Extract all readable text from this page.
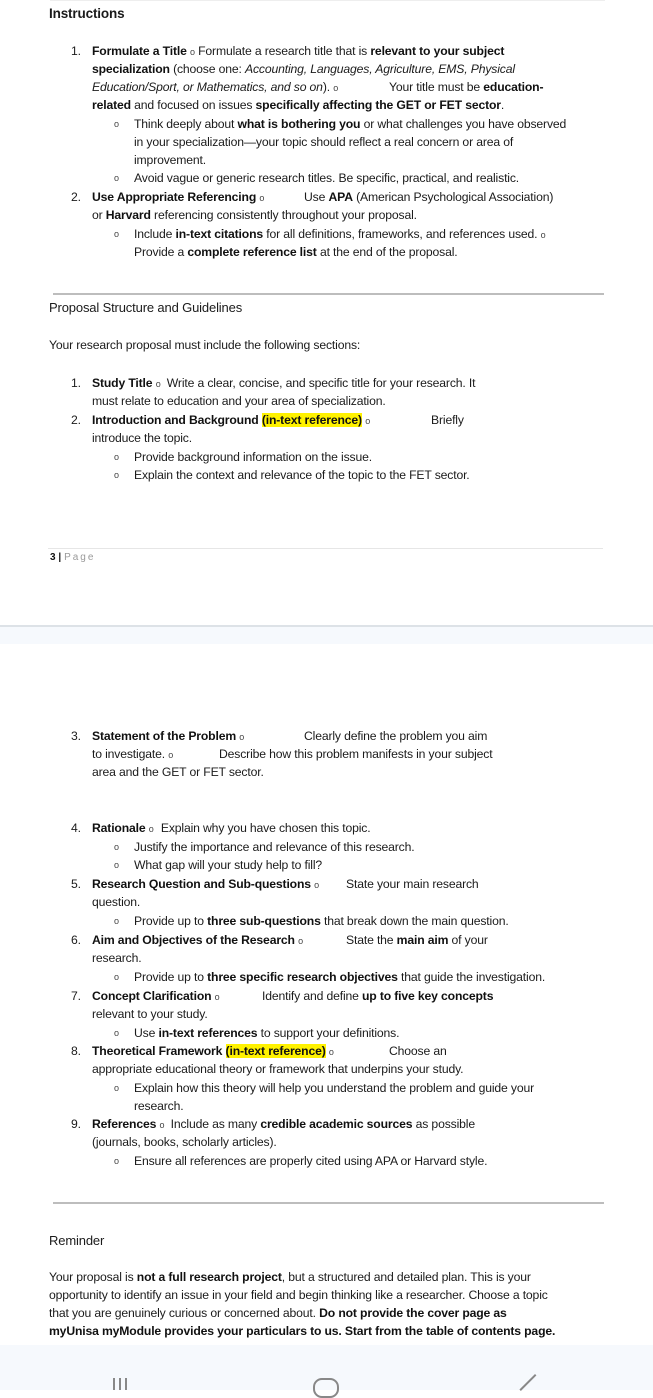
Instructions
1. Formulate a Title o Formulate a research title that is relevant to your subject
specialization (choose one: Accounting, Languages, Agriculture, EMS, Physical
Education/Sport, or Mathematics, and so on). o	Your title must be education-
related and focused on issues specifically affecting the GET or FET sector.
o Think deeply about what is bothering you or what challenges you have observed
in your specialization—your topic should reflect a real concern or area of
improvement.
o Avoid vague or generic research titles. Be specific, practical, and realistic.
2. Use Appropriate Referencing o	Use APA (American Psychological Association)
or Harvard referencing consistently throughout your proposal.
o Include in-text citations for all definitions, frameworks, and references used. o
Provide a complete reference list at the end of the proposal.
Proposal Structure and Guidelines
Your research proposal must include the following sections:
1. Study Title o Write a clear, concise, and specific title for your research. It
must relate to education and your area of specialization.
2. Introduction and Background (in-text reference) o	Briefly
introduce the topic.
o Provide background information on the issue.
o Explain the context and relevance of the topic to the FET sector.
3 | Page
3. Statement of the Problem o	Clearly define the problem you aim
to investigate. o	Describe how this problem manifests in your subject
area and the GET or FET sector.
4. Rationale o Explain why you have chosen this topic.
o Justify the importance and relevance of this research.
o What gap will your study help to fill?
5. Research Question and Sub-questions o State your main research
question.
o Provide up to three sub-questions that break down the main question.
6. Aim and Objectives of the Research o	State the main aim of your
research.
o Provide up to three specific research objectives that guide the investigation.
7. Concept Clarification o	Identify and define up to five key concepts
relevant to your study.
o Use in-text references to support your definitions.
8. Theoretical Framework (in-text reference) o	Choose an
appropriate educational theory or framework that underpins your study.
o Explain how this theory will help you understand the problem and guide your
research.
9. References o Include as many credible academic sources as possible
(journals, books, scholarly articles).
o Ensure all references are properly cited using APA or Harvard style.
Reminder
Your proposal is not a full research project, but a structured and detailed plan. This is your
opportunity to identify an issue in your field and begin thinking like a researcher. Choose a topic
that you are genuinely curious or concerned about. Do not provide the cover page as
myUnisa myModule provides your particulars to us. Start from the table of contents page.
